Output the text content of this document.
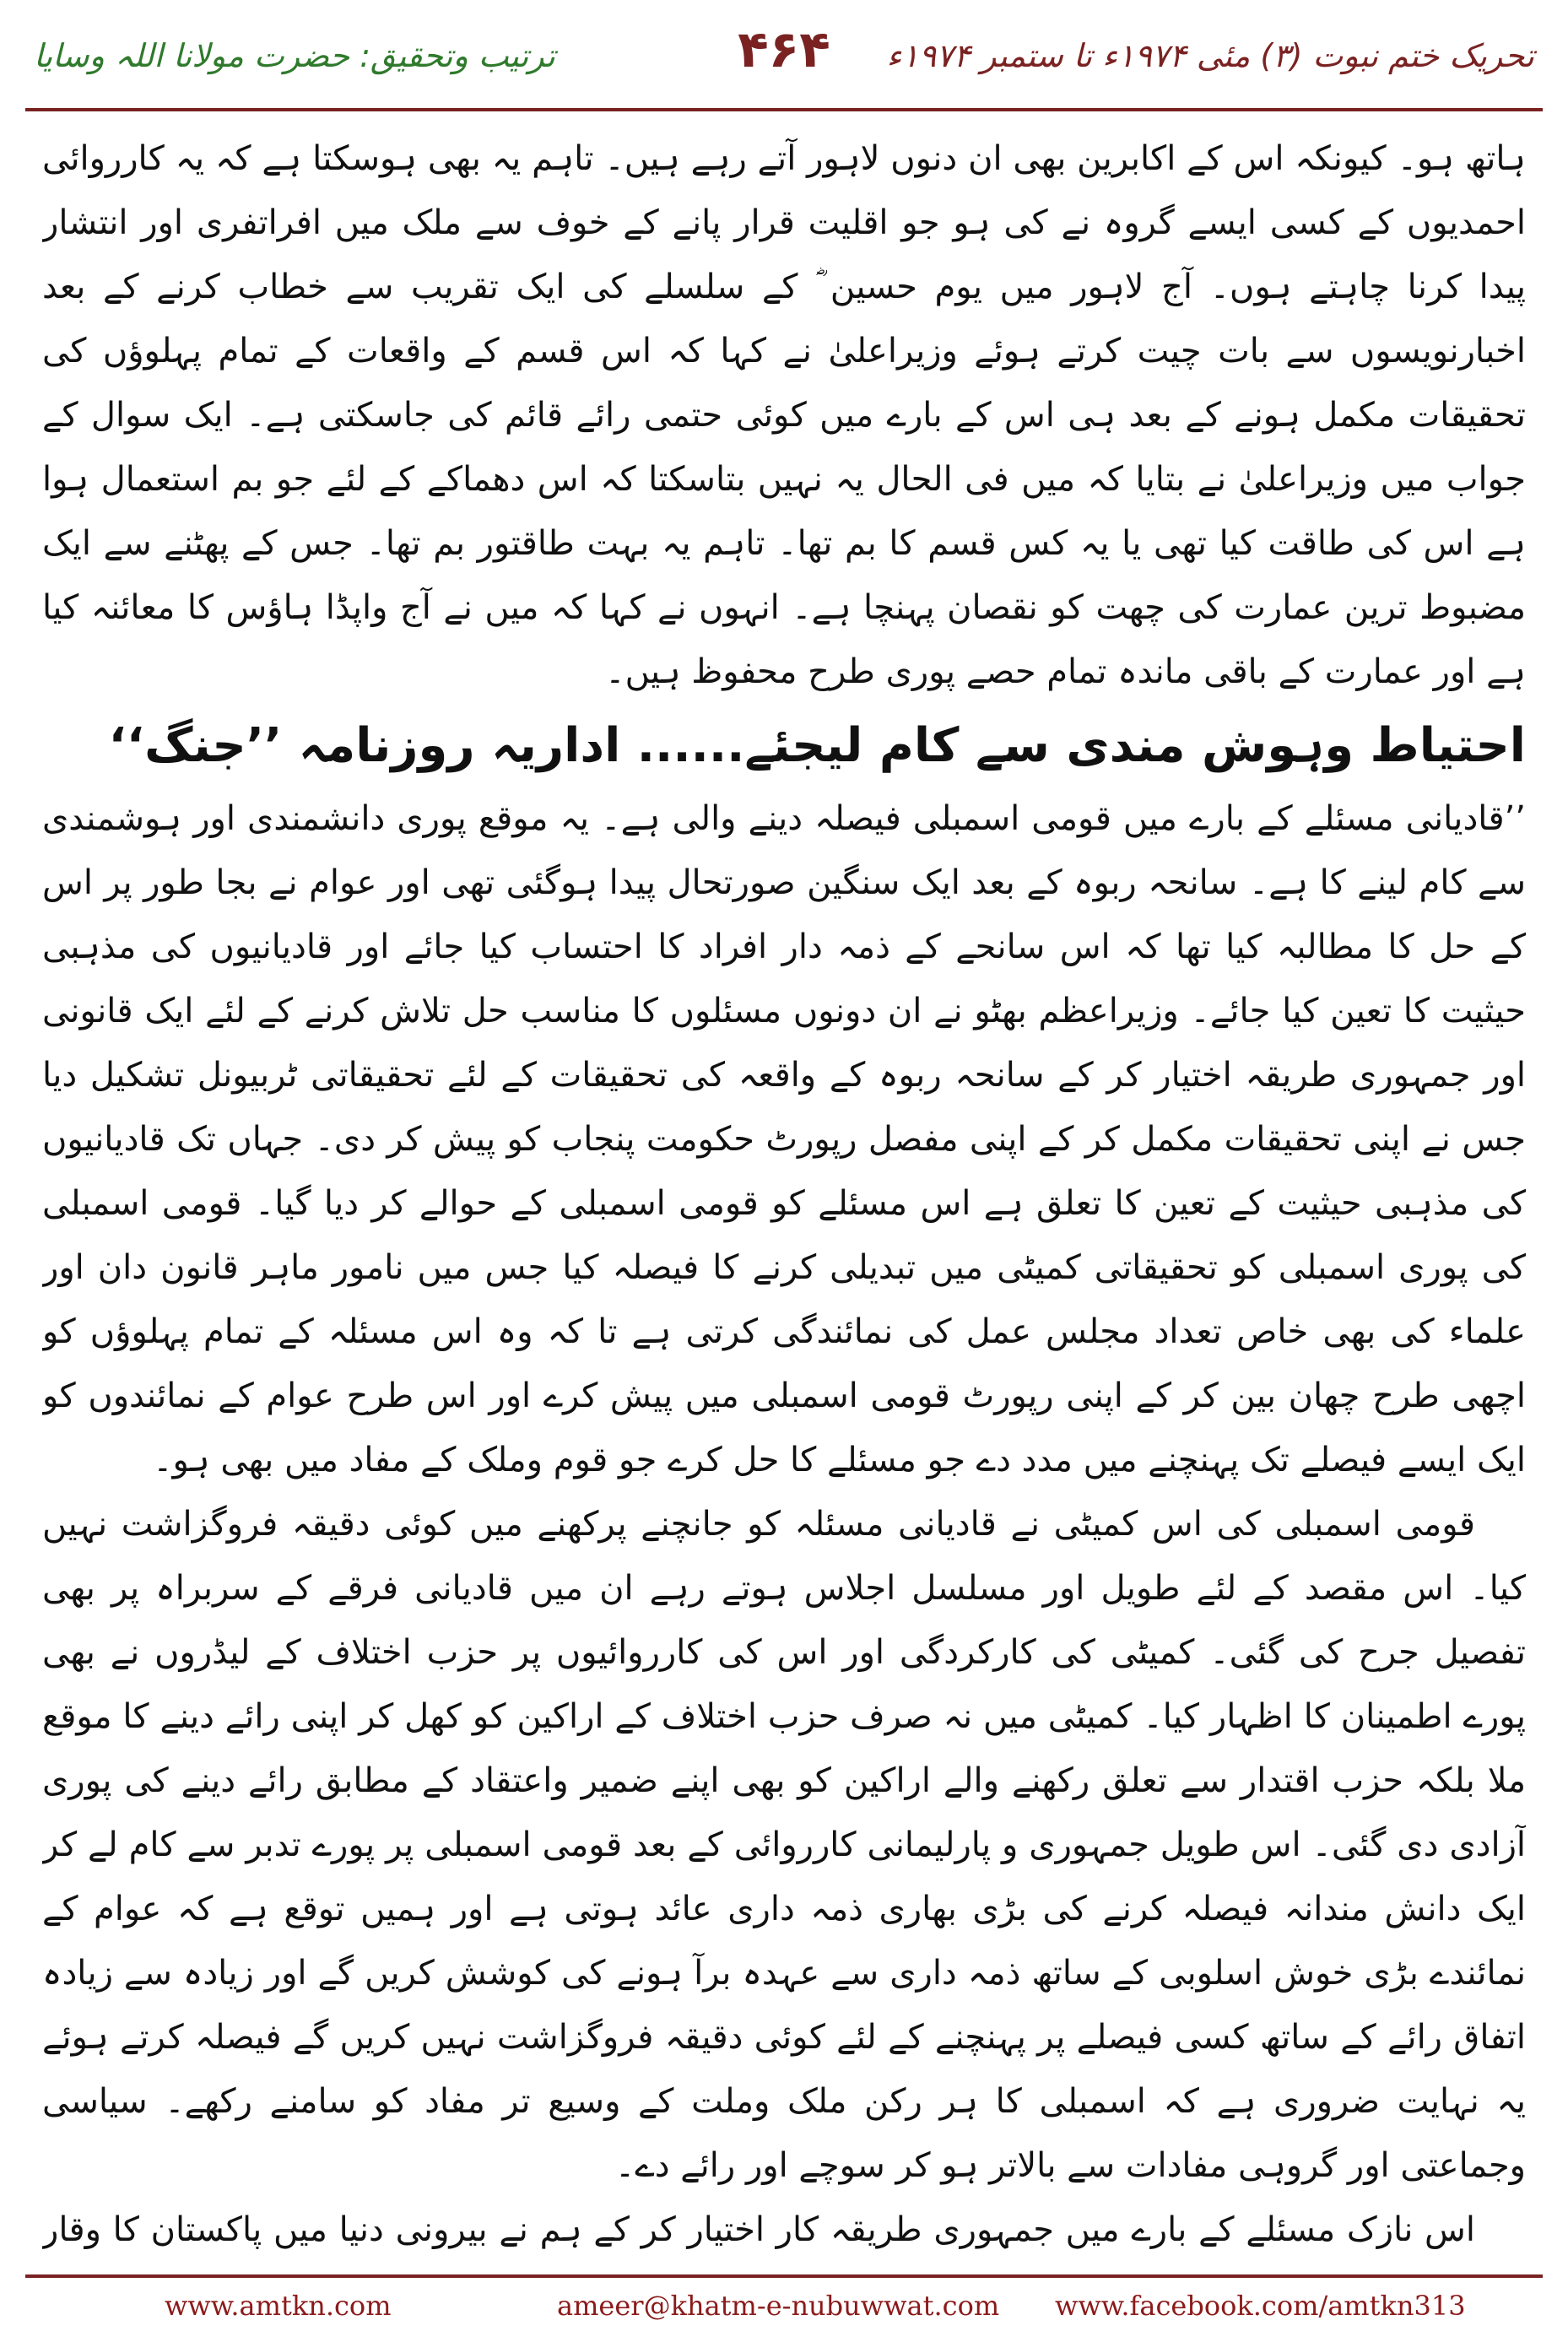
ترتیب وتحقیق: حضرت مولانا اللہ وسایا	۴۶۴	تحریک ختم نبوت (۳) مئی ۱۹۷۴ء تا ستمبر ۱۹۷۴ء

ہاتھ ہو۔ کیونکہ اس کے اکابرین بھی ان دنوں لاہور آتے رہے ہیں۔ تاہم یہ بھی ہوسکتا ہے کہ یہ کارروائی احمدیوں کے کسی ایسے گروہ نے کی ہو جو اقلیت قرار پانے کے خوف سے ملک میں افراتفری اور انتشار پیدا کرنا چاہتے ہوں۔ آج لاہور میں یوم حسین ؓ کے سلسلے کی ایک تقریب سے خطاب کرنے کے بعد اخبارنویسوں سے بات چیت کرتے ہوئے وزیراعلیٰ نے کہا کہ اس قسم کے واقعات کے تمام پہلوؤں کی تحقیقات مکمل ہونے کے بعد ہی اس کے بارے میں کوئی حتمی رائے قائم کی جاسکتی ہے۔ ایک سوال کے جواب میں وزیراعلیٰ نے بتایا کہ میں فی الحال یہ نہیں بتاسکتا کہ اس دھماکے کے لئے جو بم استعمال ہوا ہے اس کی طاقت کیا تھی یا یہ کس قسم کا بم تھا۔ تاہم یہ بہت طاقتور بم تھا۔ جس کے پھٹنے سے ایک مضبوط ترین عمارت کی چھت کو نقصان پہنچا ہے۔ انہوں نے کہا کہ میں نے آج واپڈا ہاؤس کا معائنہ کیا ہے اور عمارت کے باقی ماندہ تمام حصے پوری طرح محفوظ ہیں۔

احتیاط وہوش مندی سے کام لیجئے...... اداریہ روزنامہ ’’جنگ‘‘

’’قادیانی مسئلے کے بارے میں قومی اسمبلی فیصلہ دینے والی ہے۔ یہ موقع پوری دانشمندی اور ہوشمندی سے کام لینے کا ہے۔ سانحہ ربوہ کے بعد ایک سنگین صورتحال پیدا ہوگئی تھی اور عوام نے بجا طور پر اس کے حل کا مطالبہ کیا تھا کہ اس سانحے کے ذمہ دار افراد کا احتساب کیا جائے اور قادیانیوں کی مذہبی حیثیت کا تعین کیا جائے۔ وزیراعظم بھٹو نے ان دونوں مسئلوں کا مناسب حل تلاش کرنے کے لئے ایک قانونی اور جمہوری طریقہ اختیار کر کے سانحہ ربوہ کے واقعہ کی تحقیقات کے لئے تحقیقاتی ٹربیونل تشکیل دیا جس نے اپنی تحقیقات مکمل کر کے اپنی مفصل رپورٹ حکومت پنجاب کو پیش کر دی۔ جہاں تک قادیانیوں کی مذہبی حیثیت کے تعین کا تعلق ہے اس مسئلے کو قومی اسمبلی کے حوالے کر دیا گیا۔ قومی اسمبلی کی پوری اسمبلی کو تحقیقاتی کمیٹی میں تبدیلی کرنے کا فیصلہ کیا جس میں نامور ماہر قانون دان اور علماء کی بھی خاص تعداد مجلس عمل کی نمائندگی کرتی ہے تا کہ وہ اس مسئلہ کے تمام پہلوؤں کو اچھی طرح چھان بین کر کے اپنی رپورٹ قومی اسمبلی میں پیش کرے اور اس طرح عوام کے نمائندوں کو ایک ایسے فیصلے تک پہنچنے میں مدد دے جو مسئلے کا حل کرے جو قوم وملک کے مفاد میں بھی ہو۔

قومی اسمبلی کی اس کمیٹی نے قادیانی مسئلہ کو جانچنے پرکھنے میں کوئی دقیقہ فروگزاشت نہیں کیا۔ اس مقصد کے لئے طویل اور مسلسل اجلاس ہوتے رہے ان میں قادیانی فرقے کے سربراہ پر بھی تفصیل جرح کی گئی۔ کمیٹی کی کارکردگی اور اس کی کارروائیوں پر حزب اختلاف کے لیڈروں نے بھی پورے اطمینان کا اظہار کیا۔ کمیٹی میں نہ صرف حزب اختلاف کے اراکین کو کھل کر اپنی رائے دینے کا موقع ملا بلکہ حزب اقتدار سے تعلق رکھنے والے اراکین کو بھی اپنے ضمیر واعتقاد کے مطابق رائے دینے کی پوری آزادی دی گئی۔ اس طویل جمہوری و پارلیمانی کارروائی کے بعد قومی اسمبلی پر پورے تدبر سے کام لے کر ایک دانش مندانہ فیصلہ کرنے کی بڑی بھاری ذمہ داری عائد ہوتی ہے اور ہمیں توقع ہے کہ عوام کے نمائندے بڑی خوش اسلوبی کے ساتھ ذمہ داری سے عہدہ برآ ہونے کی کوشش کریں گے اور زیادہ سے زیادہ اتفاق رائے کے ساتھ کسی فیصلے پر پہنچنے کے لئے کوئی دقیقہ فروگزاشت نہیں کریں گے فیصلہ کرتے ہوئے یہ نہایت ضروری ہے کہ اسمبلی کا ہر رکن ملک وملت کے وسیع تر مفاد کو سامنے رکھے۔ سیاسی وجماعتی اور گروہی مفادات سے بالاتر ہو کر سوچے اور رائے دے۔

اس نازک مسئلے کے بارے میں جمہوری طریقہ کار اختیار کر کے ہم نے بیرونی دنیا میں پاکستان کا وقار

www.amtkn.com	ameer@khatm-e-nubuwwat.com www.facebook.com/amtkn313
